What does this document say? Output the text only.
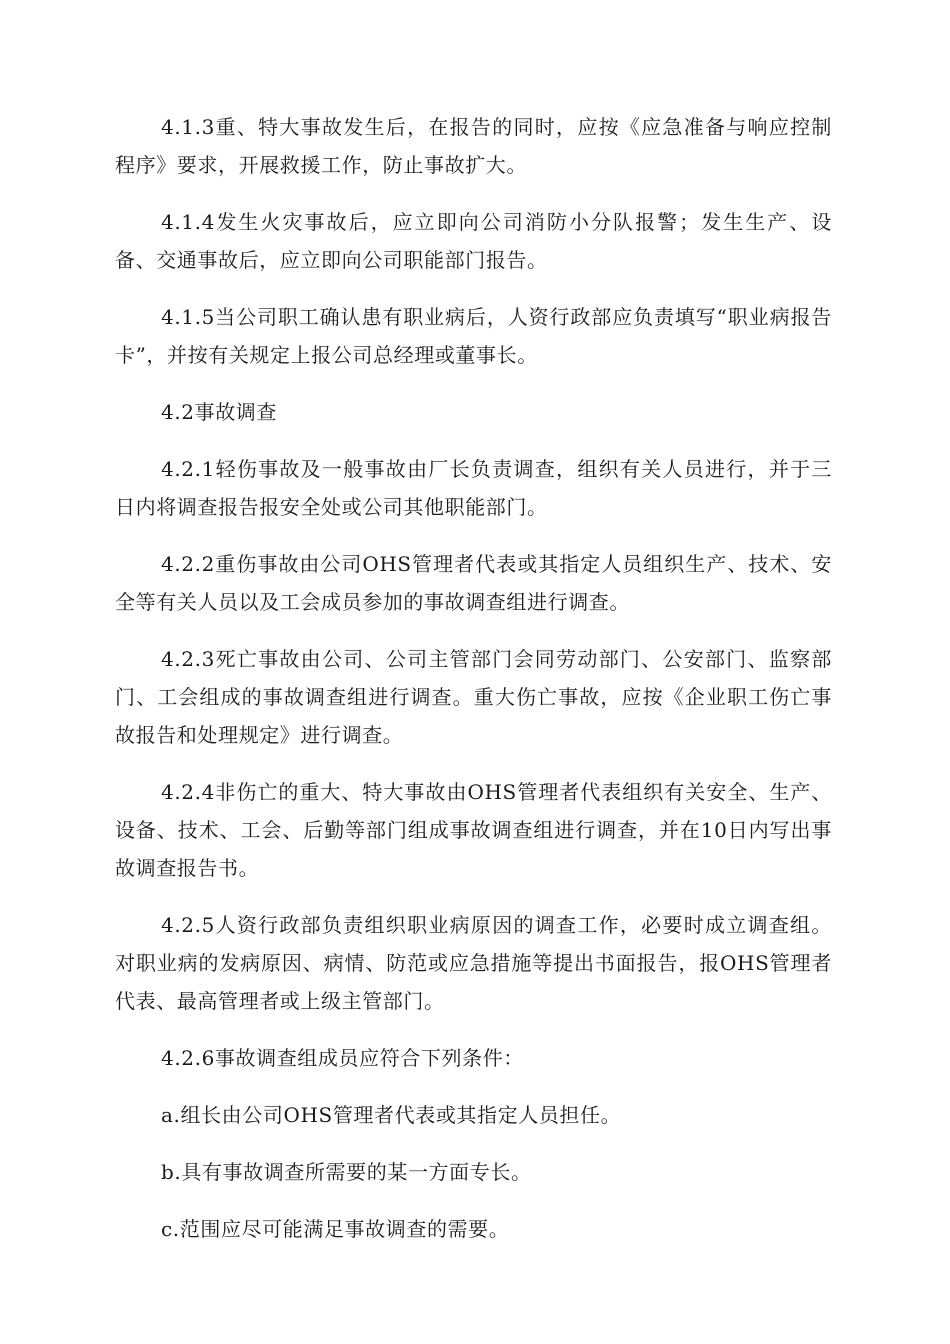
4.1.3重、特大事故发生后，在报告的同时，应按《应急准备与响应控制程序》要求，开展救援工作，防止事故扩大。

4.1.4发生火灾事故后，应立即向公司消防小分队报警；发生生产、设备、交通事故后，应立即向公司职能部门报告。

4.1.5当公司职工确认患有职业病后，人资行政部应负责填写“职业病报告卡”，并按有关规定上报公司总经理或董事长。

4.2事故调查

4.2.1轻伤事故及一般事故由厂长负责调查，组织有关人员进行，并于三日内将调查报告报安全处或公司其他职能部门。

4.2.2重伤事故由公司OHS管理者代表或其指定人员组织生产、技术、安全等有关人员以及工会成员参加的事故调查组进行调查。

4.2.3死亡事故由公司、公司主管部门会同劳动部门、公安部门、监察部门、工会组成的事故调查组进行调查。重大伤亡事故，应按《企业职工伤亡事故报告和处理规定》进行调查。

4.2.4非伤亡的重大、特大事故由OHS管理者代表组织有关安全、生产、设备、技术、工会、后勤等部门组成事故调查组进行调查，并在10日内写出事故调查报告书。

4.2.5人资行政部负责组织职业病原因的调查工作，必要时成立调查组。对职业病的发病原因、病情、防范或应急措施等提出书面报告，报OHS管理者代表、最高管理者或上级主管部门。

4.2.6事故调查组成员应符合下列条件：

a.组长由公司OHS管理者代表或其指定人员担任。

b.具有事故调查所需要的某一方面专长。

c.范围应尽可能满足事故调查的需要。
